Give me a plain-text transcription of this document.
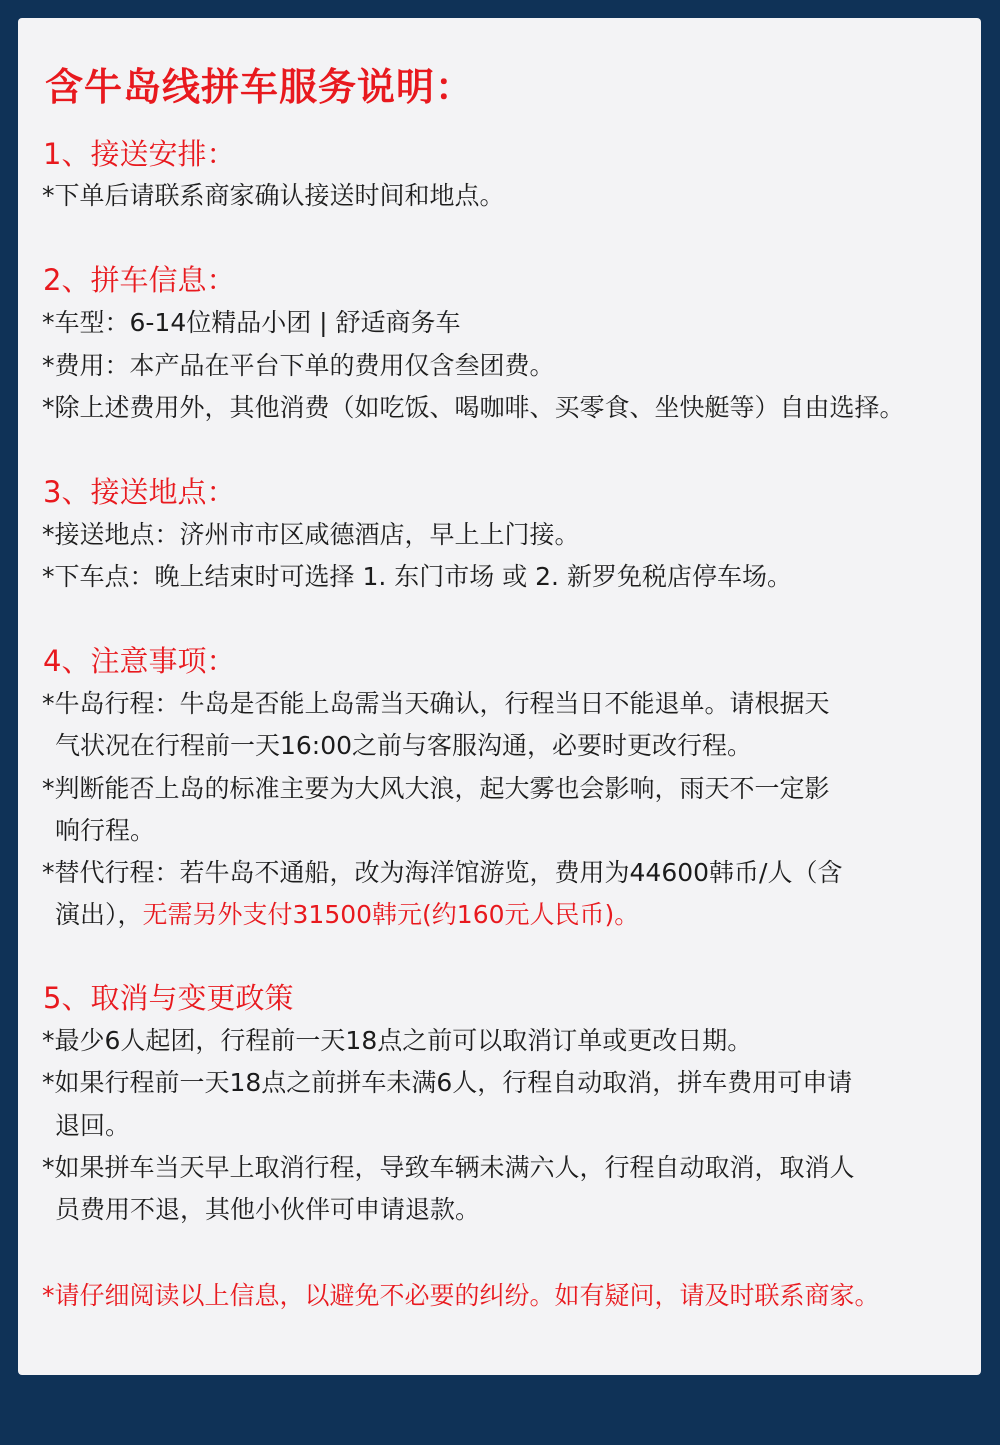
含牛岛线拼车服务说明：
1、接送安排：
*下单后请联系商家确认接送时间和地点。
2、拼车信息：
*车型：6-14位精品小团 | 舒适商务车
*费用：本产品在平台下单的费用仅含叁团费。
*除上述费用外，其他消费（如吃饭、喝咖啡、买零食、坐快艇等）自由选择。
3、接送地点：
*接送地点：济州市市区咸德酒店，早上上门接。
*下车点：晚上结束时可选择 1. 东门市场 或 2. 新罗免税店停车场。
4、注意事项：
*牛岛行程：牛岛是否能上岛需当天确认，行程当日不能退单。请根据天
气状况在行程前一天16:00之前与客服沟通，必要时更改行程。
*判断能否上岛的标准主要为大风大浪，起大雾也会影响，雨天不一定影
响行程。
*替代行程：若牛岛不通船，改为海洋馆游览，费用为44600韩币/人（含
演出），无需另外支付31500韩元(约160元人民币)。
5、取消与变更政策
*最少6人起团，行程前一天18点之前可以取消订单或更改日期。
*如果行程前一天18点之前拼车未满6人，行程自动取消，拼车费用可申请
退回。
*如果拼车当天早上取消行程，导致车辆未满六人，行程自动取消，取消人
员费用不退，其他小伙伴可申请退款。
*请仔细阅读以上信息，以避免不必要的纠纷。如有疑问，请及时联系商家。
